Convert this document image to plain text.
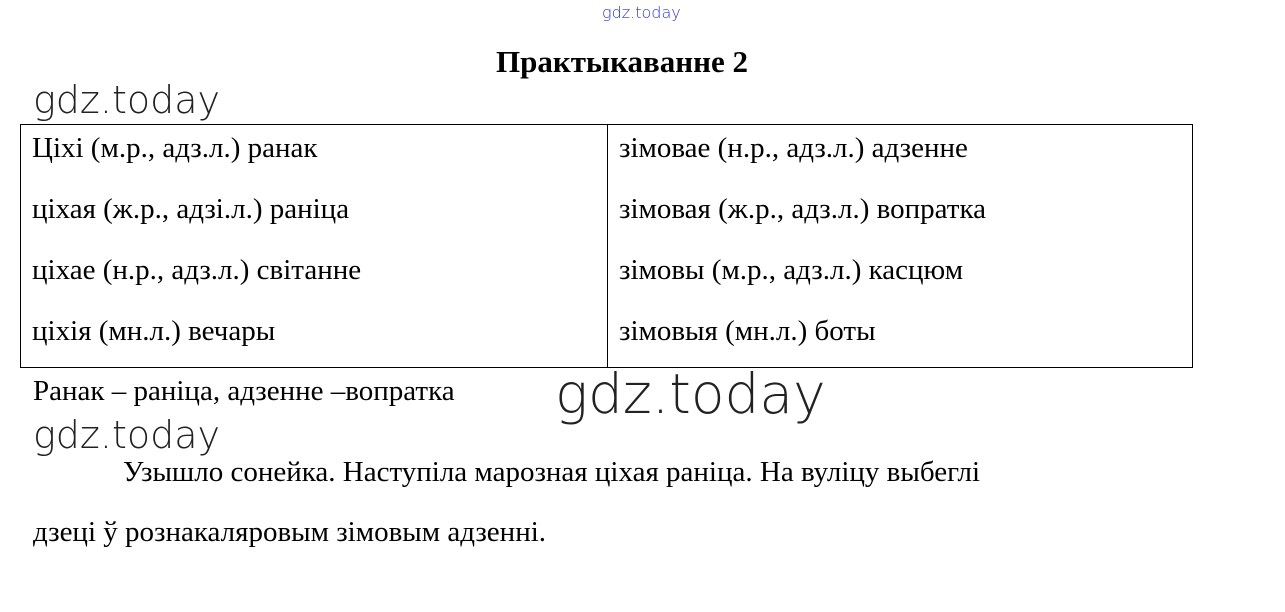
gdz.today
Практыкаванне 2
gdz.today
Ціхі (м.р., адз.л.) ранак
ціхая (ж.р., адзі.л.) раніца
ціхае (н.р., адз.л.) світанне
ціхія (мн.л.) вечары
зімовае (н.р., адз.л.) адзенне
зімовая (ж.р., адз.л.) вопратка
зімовы (м.р., адз.л.) касцюм
зімовыя (мн.л.) боты
Ранак – раніца, адзенне –вопратка gdz.today
gdz.today
Узышло сонейка. Наступіла марозная ціхая раніца. На вуліцу выбеглі
дзеці ў рознакаляровым зімовым адзенні.
